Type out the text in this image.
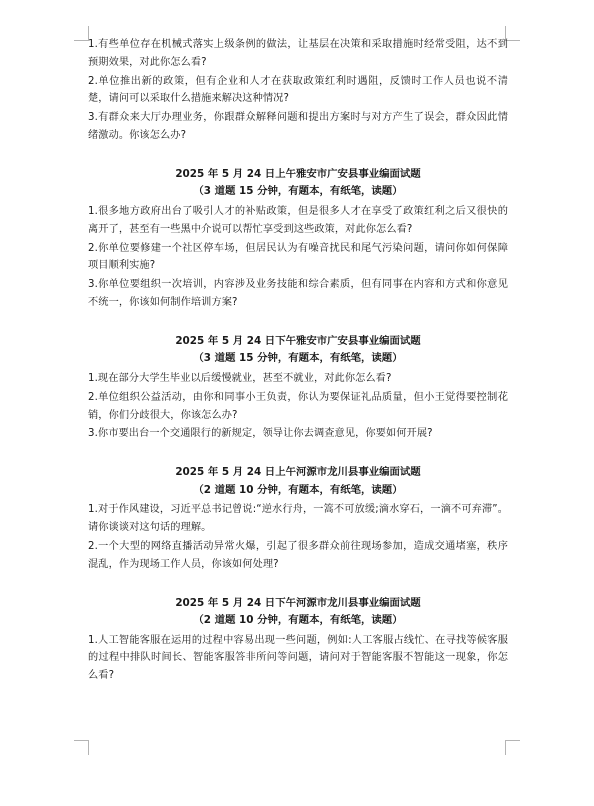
1.有些单位存在机械式落实上级条例的做法，让基层在决策和采取措施时经常受阻，达不到预期效果，对此你怎么看?

2.单位推出新的政策，但有企业和人才在获取政策红利时遇阻，反馈时工作人员也说不清楚，请问可以采取什么措施来解决这种情况?

3.有群众来大厅办理业务，你跟群众解释问题和提出方案时与对方产生了误会，群众因此情绪激动。你该怎么办?

2025 年 5 月 24 日上午雅安市广安县事业编面试题

（3 道题 15 分钟，有题本，有纸笔，读题）

1.很多地方政府出台了吸引人才的补贴政策，但是很多人才在享受了政策红利之后又很快的离开了，甚至有一些黑中介说可以帮忙享受到这些政策，对此你怎么看?

2.你单位要修建一个社区停车场，但居民认为有噪音扰民和尾气污染问题，请问你如何保障项目顺利实施?

3.你单位要组织一次培训，内容涉及业务技能和综合素质，但有同事在内容和方式和你意见不统一，你该如何制作培训方案?

2025 年 5 月 24 日下午雅安市广安县事业编面试题

（3 道题 15 分钟，有题本，有纸笔，读题）

1.现在部分大学生毕业以后缓慢就业，甚至不就业，对此你怎么看?

2.单位组织公益活动，由你和同事小王负责，你认为要保证礼品质量，但小王觉得要控制花销，你们分歧很大，你该怎么办?

3.你市要出台一个交通限行的新规定，领导让你去调查意见，你要如何开展?

2025 年 5 月 24 日上午河源市龙川县事业编面试题

（2 道题 10 分钟，有题本，有纸笔，读题）

1.对于作风建设，习近平总书记曾说:“逆水行舟，一篙不可放缓;滴水穿石，一滴不可弃滞”。请你谈谈对这句话的理解。

2.一个大型的网络直播活动异常火爆，引起了很多群众前往现场参加，造成交通堵塞，秩序混乱，作为现场工作人员，你该如何处理?

2025 年 5 月 24 日下午河源市龙川县事业编面试题

（2 道题 10 分钟，有题本，有纸笔，读题）

1.人工智能客服在运用的过程中容易出现一些问题，例如:人工客服占线忙、在寻找等候客服的过程中排队时间长、智能客服答非所问等问题，请问对于智能客服不智能这一现象，你怎么看?
